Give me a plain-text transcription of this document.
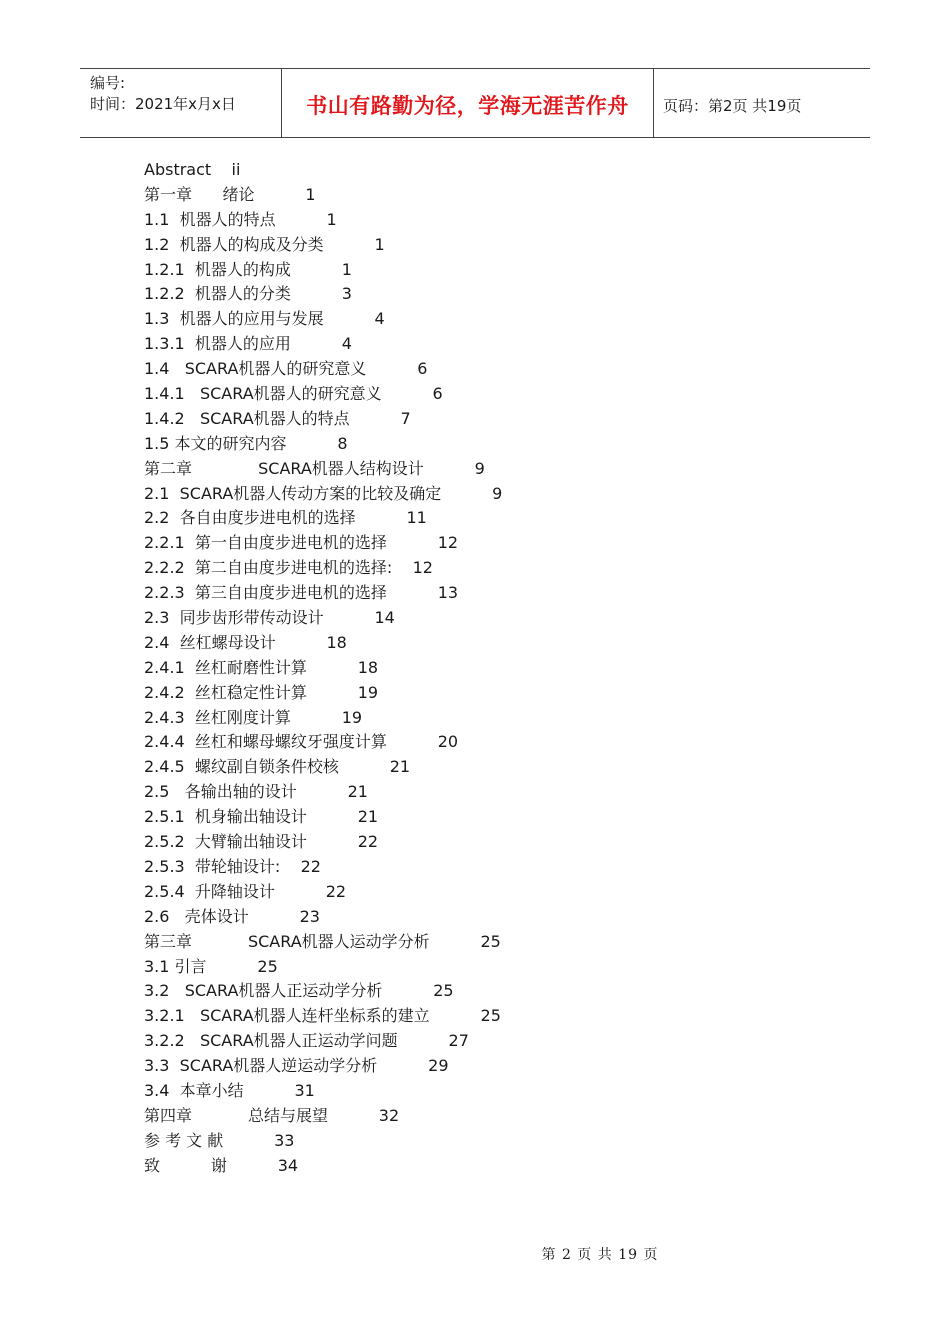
编号:
时间：2021年x月x日	书山有路勤为径，学海无涯苦作舟	页码：第2页 共19页
Abstract    ii
第一章      绪论          1
1.1  机器人的特点          1
1.2  机器人的构成及分类          1
1.2.1  机器人的构成          1
1.2.2  机器人的分类          3
1.3  机器人的应用与发展          4
1.3.1  机器人的应用          4
1.4   SCARA机器人的研究意义          6
1.4.1   SCARA机器人的研究意义          6
1.4.2   SCARA机器人的特点          7
1.5 本文的研究内容          8
第二章             SCARA机器人结构设计          9
2.1  SCARA机器人传动方案的比较及确定          9
2.2  各自由度步进电机的选择          11
2.2.1  第一自由度步进电机的选择          12
2.2.2  第二自由度步进电机的选择:    12
2.2.3  第三自由度步进电机的选择          13
2.3  同步齿形带传动设计          14
2.4  丝杠螺母设计          18
2.4.1  丝杠耐磨性计算          18
2.4.2  丝杠稳定性计算          19
2.4.3  丝杠刚度计算          19
2.4.4  丝杠和螺母螺纹牙强度计算          20
2.4.5  螺纹副自锁条件校核          21
2.5   各输出轴的设计          21
2.5.1  机身输出轴设计          21
2.5.2  大臂输出轴设计          22
2.5.3  带轮轴设计:    22
2.5.4  升降轴设计          22
2.6   壳体设计          23
第三章           SCARA机器人运动学分析          25
3.1 引言          25
3.2   SCARA机器人正运动学分析          25
3.2.1   SCARA机器人连杆坐标系的建立          25
3.2.2   SCARA机器人正运动学问题          27
3.3  SCARA机器人逆运动学分析          29
3.4  本章小结          31
第四章           总结与展望          32
参 考 文 献          33
致          谢          34
第 2 页 共 19 页
